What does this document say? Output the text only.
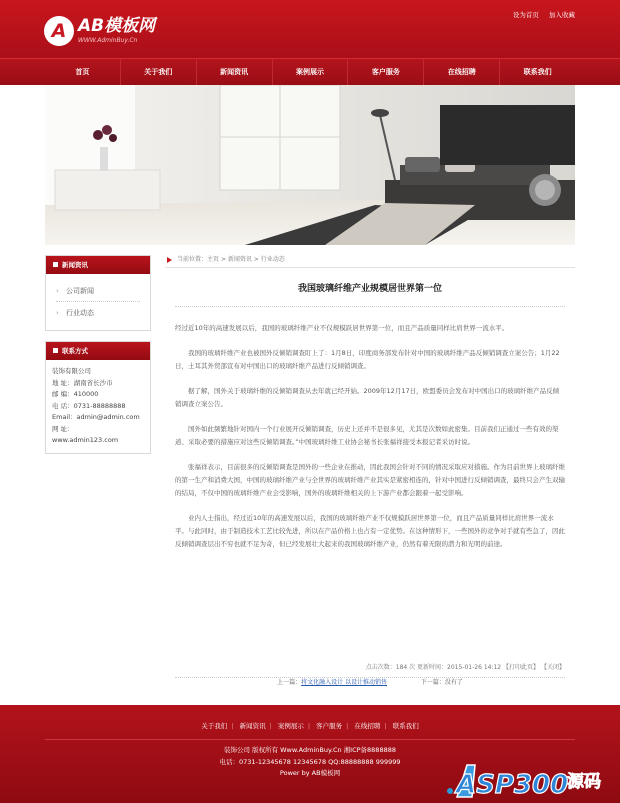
A AB模板网
WWW.AdminBuy.Cn
设为首页 加入收藏
首页	关于我们	新闻资讯	案例展示	客户服务	在线招聘	联系我们
新闻资讯
› 公司新闻
› 行业动态
联系方式
装饰有限公司
地 址：湖南省长沙市
邮 编：410000
电 话：0731-88888888
Email：admin@admin.com
网 址：
www.admin123.com
当前位置：主页 > 新闻资讯 > 行业动态
我国玻璃纤维产业规模居世界第一位

经过近10年的高速发展以后，我国的玻璃纤维产业不仅规模跃居世界第一位，而且产品质量同样比肩世界一流水平。

我国的玻璃纤维产业也被国外反倾销调查盯上了：1月8日，印度商务部发布针对中国的玻璃纤维产品反倾销调查立案公告；1月22日，土耳其外贸部宣布对中国出口的玻璃纤维产品进行反倾销调查。

据了解，国外关于玻璃纤维的反倾销调查从去年就已经开始。2009年12月17日，欧盟委员会发布对中国出口的玻璃纤维产品反倾销调查立案公告。

国外如此频繁地针对国内一个行业展开反倾销调查，历史上还并不是很多见，尤其是次数如此密集。目前我们正通过一些有效的渠道、采取必要的措施应对这些反倾销调查。”中国玻璃纤维工业协会秘书长张福祥接受本报记者采访时说。

张福祥表示，目前很多的反倾销调查是国外的一些企业在推动，因此我国会针对不同的情况采取应对措施。作为目前世界上玻璃纤维的第一生产和消费大国，中国的玻璃纤维产业与全世界的玻璃纤维产业其实是紧密相连的，针对中国进行反倾销调查，最终只会产生双输的结局，不仅中国的玻璃纤维产业会受影响，国外的玻璃纤维相关的上下游产业都会跟着一起受影响。

业内人士指出，经过近10年的高速发展以后，我国的玻璃纤维产业不仅规模跃居世界第一位，而且产品质量同样比肩世界一流水平。与此同时，由于制造技术工艺比较先进，所以在产品价格上也占有一定优势。在这种情形下，一些国外的竞争对手就有些急了，因此反倾销调查层出不穷也就不足为奇，但已经发展壮大起来的我国玻璃纤维产业，仍然有着无限的潜力和光明的前途。

点击次数：184 次 更新时间：2015-01-26 14:12 【打印此页】 【关闭】
上一篇：将文化融入设计 以设计推动销售	下一篇：没有了
关于我们 | 新闻资讯 | 案例展示 | 客户服务 | 在线招聘 | 联系我们
装饰公司 版权所有 Www.AdminBuy.Cn 湘ICP备8888888
电话：0731-12345678 12345678 QQ:88888888 999999
Power by AB模板网	ASP300
源码
